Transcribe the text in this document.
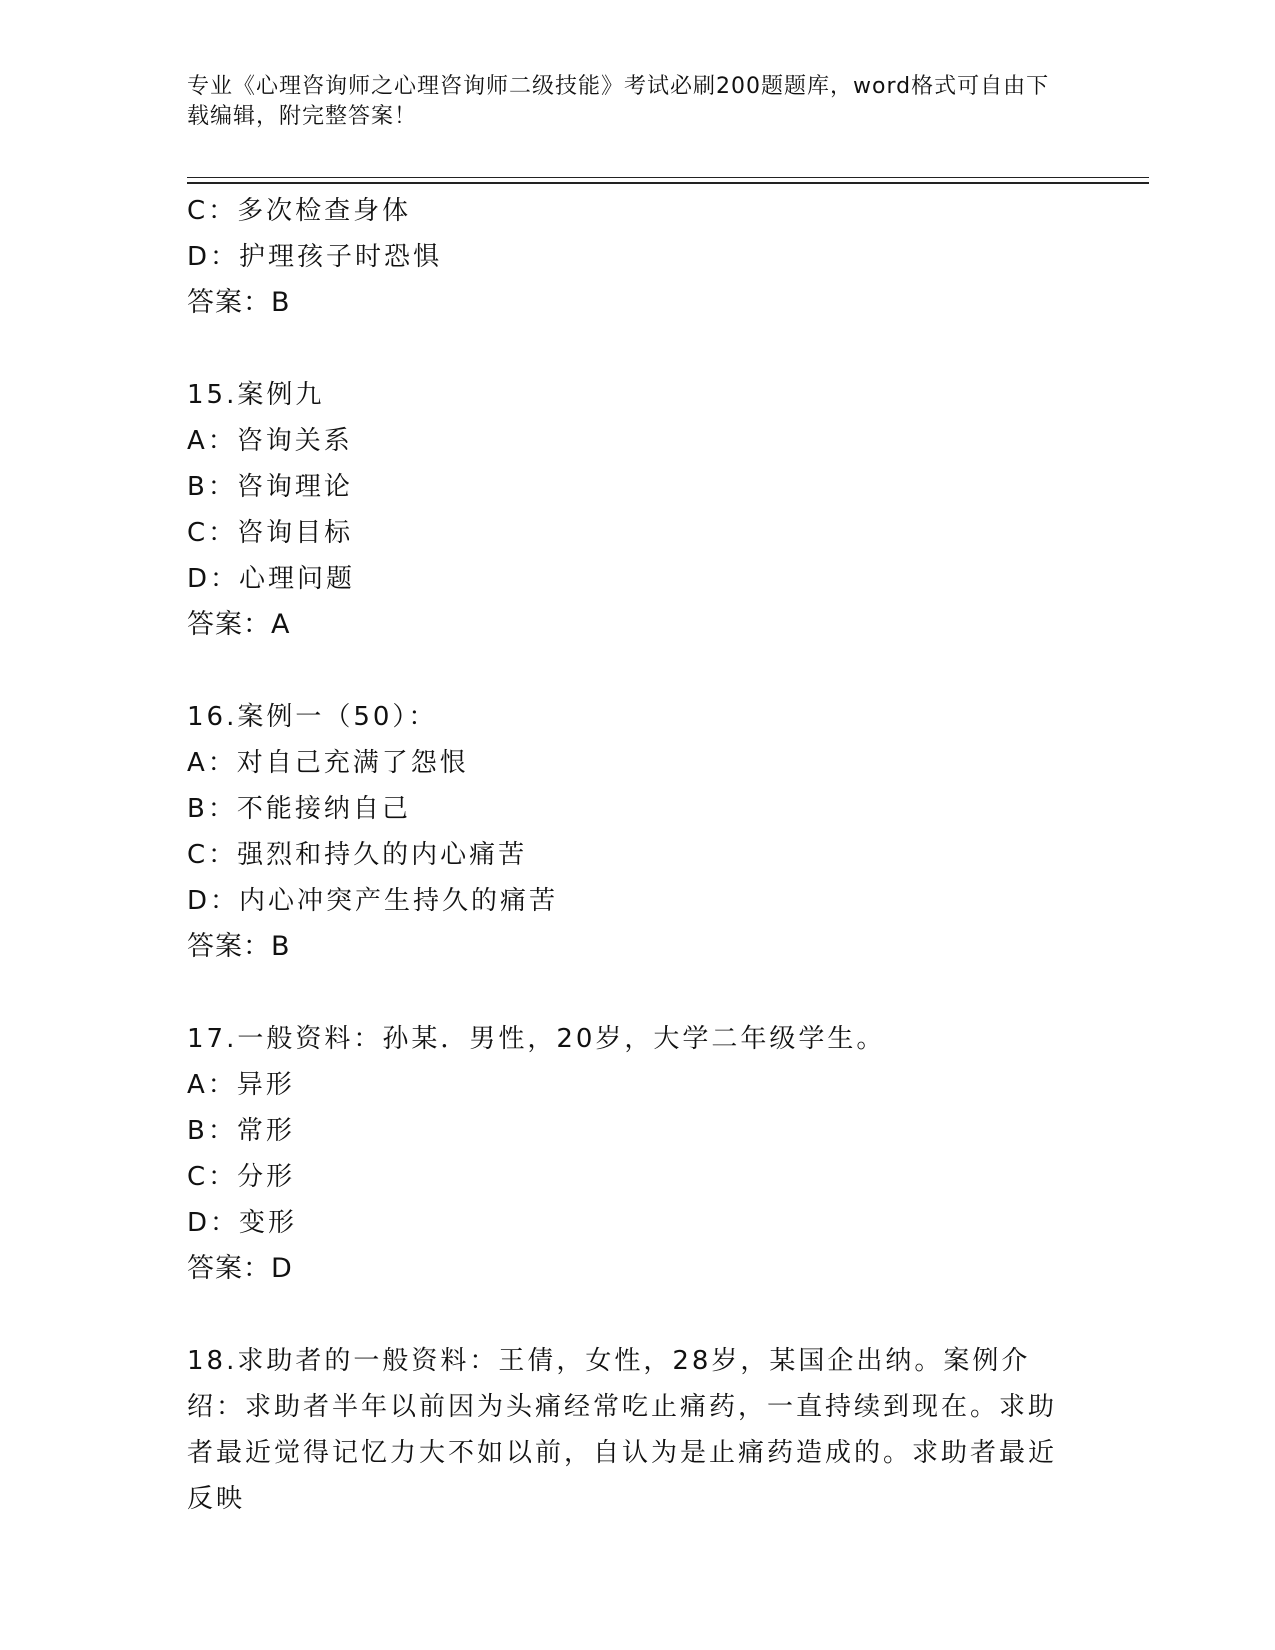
专业《心理咨询师之心理咨询师二级技能》考试必刷200题题库，word格式可自由下载编辑，附完整答案！
C：多次检查身体
D：护理孩子时恐惧
答案：B
15.案例九
A：咨询关系
B：咨询理论
C：咨询目标
D：心理问题
答案：A
16.案例一（50）：
A：对自己充满了怨恨
B：不能接纳自己
C：强烈和持久的内心痛苦
D：内心冲突产生持久的痛苦
答案：B
17.一般资料：孙某．男性，20岁，大学二年级学生。
A：异形
B：常形
C：分形
D：变形
答案：D

18.求助者的一般资料：王倩，女性，28岁，某国企出纳。案例介绍：求助者半年以前因为头痛经常吃止痛药，一直持续到现在。求助者最近觉得记忆力大不如以前，自认为是止痛药造成的。求助者最近反映
